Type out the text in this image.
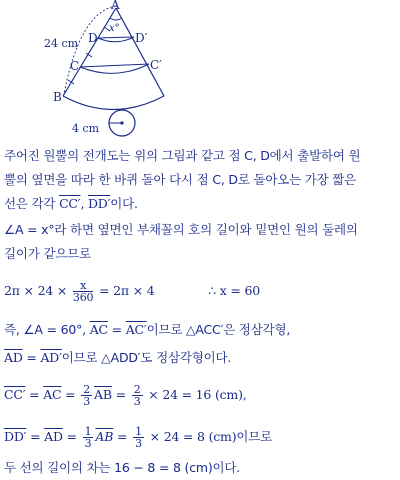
A
B
C	C′
D	D′
x°
24 cm
4 cm
주어진 원뿔의 전개도는 위의 그림과 같고 점 C, D에서 출발하여 원
뿔의 옆면을 따라 한 바퀴 돌아 다시 점 C, D로 돌아오는 가장 짧은
선은 각각 CC′, DD′이다.
∠A = x°라 하면 옆면인 부채꼴의 호의 길이와 밑면인 원의 둘레의
길이가 같으므로
$2\pi \times 24 \times \frac{x}{360} = 2\pi \times 4$	∴ x = 60
즉, ∠A = 60°, $\overline{AC} = AC'$이므로 △ACC′은 정삼각형,
$\overline{AD} = AD'$이므로 △ADD′도 정삼각형이다.
$CC' = \overline{AC} = \frac{2}{3} \overline{AB} = \frac{2}{3} \times 24 = 16$ (cm),
$DD' = \overline{AD} = \frac{1}{3} \overline{AB} = \frac{1}{3} \times 24 = 8$ (cm)이므로
두 선의 길이의 차는 16 − 8 = 8 (cm)이다.
